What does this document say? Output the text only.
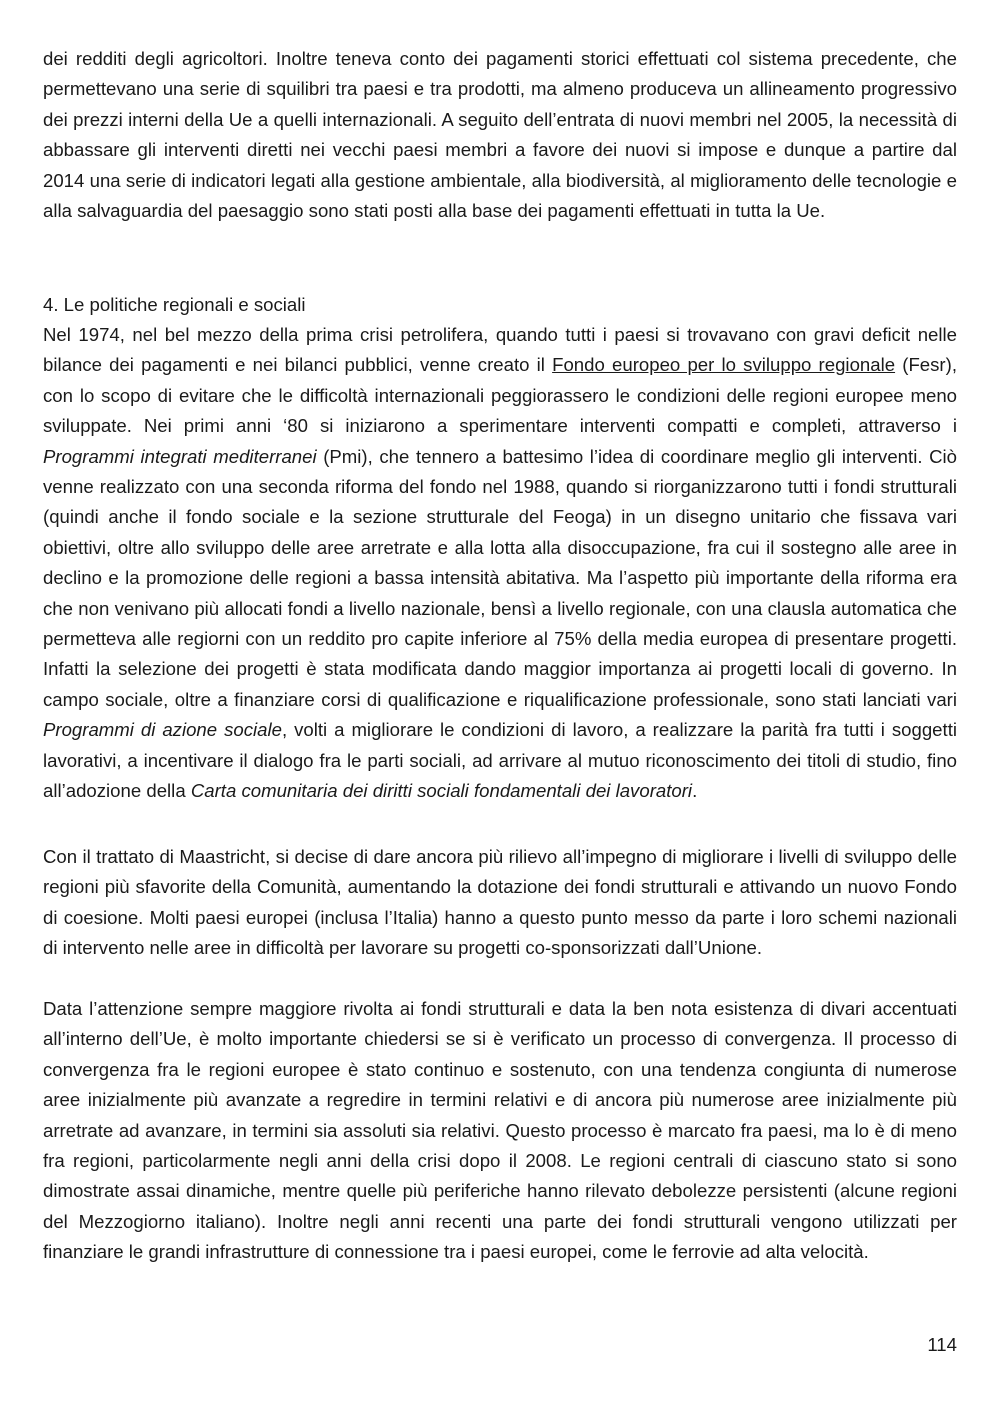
dei redditi degli agricoltori. Inoltre teneva conto dei pagamenti storici effettuati col sistema precedente, che permettevano una serie di squilibri tra paesi e tra prodotti, ma almeno produceva un allineamento progressivo dei prezzi interni della Ue a quelli internazionali. A seguito dell’entrata di nuovi membri nel 2005, la necessità di abbassare gli interventi diretti nei vecchi paesi membri a favore dei nuovi si impose e dunque a partire dal 2014 una serie di indicatori legati alla gestione ambientale, alla biodiversità, al miglioramento delle tecnologie e alla salvaguardia del paesaggio sono stati posti alla base dei pagamenti effettuati in tutta la Ue.

4. Le politiche regionali e sociali

Nel 1974, nel bel mezzo della prima crisi petrolifera, quando tutti i paesi si trovavano con gravi deficit nelle bilance dei pagamenti e nei bilanci pubblici, venne creato il Fondo europeo per lo sviluppo regionale (Fesr), con lo scopo di evitare che le difficoltà internazionali peggiorassero le condizioni delle regioni europee meno sviluppate. Nei primi anni ‘80 si iniziarono a sperimentare interventi compatti e completi, attraverso i Programmi integrati mediterranei (Pmi), che tennero a battesimo l’idea di coordinare meglio gli interventi. Ciò venne realizzato con una seconda riforma del fondo nel 1988, quando si riorganizzarono tutti i fondi strutturali (quindi anche il fondo sociale e la sezione strutturale del Feoga) in un disegno unitario che fissava vari obiettivi, oltre allo sviluppo delle aree arretrate e alla lotta alla disoccupazione, fra cui il sostegno alle aree in declino e la promozione delle regioni a bassa intensità abitativa. Ma l’aspetto più importante della riforma era che non venivano più allocati fondi a livello nazionale, bensì a livello regionale, con una clausla automatica che permetteva alle regiorni con un reddito pro capite inferiore al 75% della media europea di presentare progetti. Infatti la selezione dei progetti è stata modificata dando maggior importanza ai progetti locali di governo. In campo sociale, oltre a finanziare corsi di qualificazione e riqualificazione professionale, sono stati lanciati vari Programmi di azione sociale, volti a migliorare le condizioni di lavoro, a realizzare la parità fra tutti i soggetti lavorativi, a incentivare il dialogo fra le parti sociali, ad arrivare al mutuo riconoscimento dei titoli di studio, fino all’adozione della Carta comunitaria dei diritti sociali fondamentali dei lavoratori.

Con il trattato di Maastricht, si decise di dare ancora più rilievo all’impegno di migliorare i livelli di sviluppo delle regioni più sfavorite della Comunità, aumentando la dotazione dei fondi strutturali e attivando un nuovo Fondo di coesione. Molti paesi europei (inclusa l’Italia) hanno a questo punto messo da parte i loro schemi nazionali di intervento nelle aree in difficoltà per lavorare su progetti co-sponsorizzati dall’Unione.

Data l’attenzione sempre maggiore rivolta ai fondi strutturali e data la ben nota esistenza di divari accentuati all’interno dell’Ue, è molto importante chiedersi se si è verificato un processo di convergenza. Il processo di convergenza fra le regioni europee è stato continuo e sostenuto, con una tendenza congiunta di numerose aree inizialmente più avanzate a regredire in termini relativi e di ancora più numerose aree inizialmente più arretrate ad avanzare, in termini sia assoluti sia relativi. Questo processo è marcato fra paesi, ma lo è di meno fra regioni, particolarmente negli anni della crisi dopo il 2008. Le regioni centrali di ciascuno stato si sono dimostrate assai dinamiche, mentre quelle più periferiche hanno rilevato debolezze persistenti (alcune regioni del Mezzogiorno italiano). Inoltre negli anni recenti una parte dei fondi strutturali vengono utilizzati per finanziare le grandi infrastrutture di connessione tra i paesi europei, come le ferrovie ad alta velocità.

114
